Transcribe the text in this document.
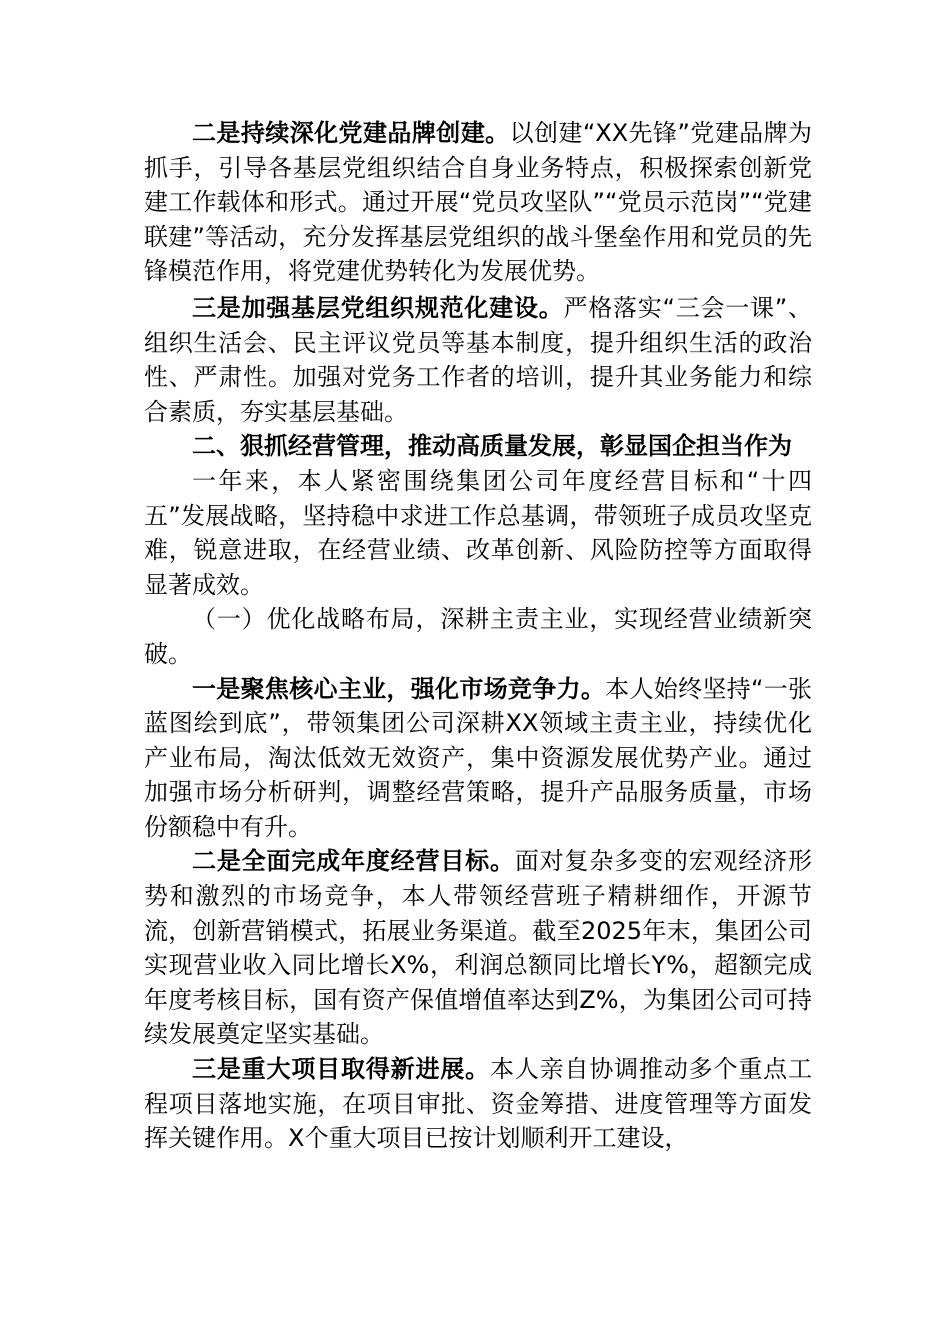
二是持续深化党建品牌创建。以创建“XX先锋”党建品牌为抓手，引导各基层党组织结合自身业务特点，积极探索创新党建工作载体和形式。通过开展“党员攻坚队”“党员示范岗”“党建联建”等活动，充分发挥基层党组织的战斗堡垒作用和党员的先锋模范作用，将党建优势转化为发展优势。

三是加强基层党组织规范化建设。严格落实“三会一课”、组织生活会、民主评议党员等基本制度，提升组织生活的政治性、严肃性。加强对党务工作者的培训，提升其业务能力和综合素质，夯实基层基础。

二、狠抓经营管理，推动高质量发展，彰显国企担当作为

一年来，本人紧密围绕集团公司年度经营目标和“十四五”发展战略，坚持稳中求进工作总基调，带领班子成员攻坚克难，锐意进取，在经营业绩、改革创新、风险防控等方面取得显著成效。

（一）优化战略布局，深耕主责主业，实现经营业绩新突破。

一是聚焦核心主业，强化市场竞争力。本人始终坚持“一张蓝图绘到底”，带领集团公司深耕XX领域主责主业，持续优化产业布局，淘汰低效无效资产，集中资源发展优势产业。通过加强市场分析研判，调整经营策略，提升产品服务质量，市场份额稳中有升。

二是全面完成年度经营目标。面对复杂多变的宏观经济形势和激烈的市场竞争，本人带领经营班子精耕细作，开源节流，创新营销模式，拓展业务渠道。截至2025年末，集团公司实现营业收入同比增长X%，利润总额同比增长Y%，超额完成年度考核目标，国有资产保值增值率达到Z%，为集团公司可持续发展奠定坚实基础。

三是重大项目取得新进展。本人亲自协调推动多个重点工程项目落地实施，在项目审批、资金筹措、进度管理等方面发挥关键作用。X个重大项目已按计划顺利开工建设，
